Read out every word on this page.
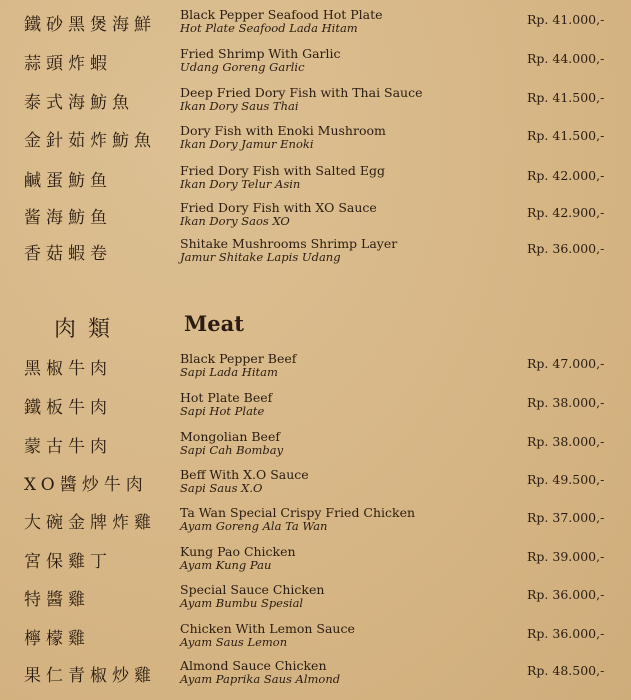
鐵砂黑煲海鮮
Black Pepper Seafood Hot Plate
Hot Plate Seafood Lada Hitam
Rp. 41.000,-
蒜頭炸蝦
Fried Shrimp With Garlic
Udang Goreng Garlic
Rp. 44.000,-
泰式海魴魚
Deep Fried Dory Fish with Thai Sauce
Ikan Dory Saus Thai
Rp. 41.500,-
金針茹炸魴魚
Dory Fish with Enoki Mushroom
Ikan Dory Jamur Enoki
Rp. 41.500,-
鹹蛋魴鱼
Fried Dory Fish with Salted Egg
Ikan Dory Telur Asin
Rp. 42.000,-
酱海魴鱼
Fried Dory Fish with XO Sauce
Ikan Dory Saos XO
Rp. 42.900,-
香菇蝦卷
Shitake Mushrooms Shrimp Layer
Jamur Shitake Lapis Udang
Rp. 36.000,-
肉類	Meat
黑椒牛肉
Black Pepper Beef
Sapi Lada Hitam
Rp. 47.000,-
鐵板牛肉
Hot Plate Beef
Sapi Hot Plate
Rp. 38.000,-
蒙古牛肉
Mongolian Beef
Sapi Cah Bombay
Rp. 38.000,-
XO醬炒牛肉
Beff With X.O Sauce
Sapi Saus X.O
Rp. 49.500,-
大碗金牌炸雞
Ta Wan Special Crispy Fried Chicken
Ayam Goreng Ala Ta Wan
Rp. 37.000,-
宮保雞丁
Kung Pao Chicken
Ayam Kung Pau
Rp. 39.000,-
特醬雞
Special Sauce Chicken
Ayam Bumbu Spesial
Rp. 36.000,-
檸檬雞
Chicken With Lemon Sauce
Ayam Saus Lemon
Rp. 36.000,-
果仁青椒炒雞
Almond Sauce Chicken
Ayam Paprika Saus Almond
Rp. 48.500,-
